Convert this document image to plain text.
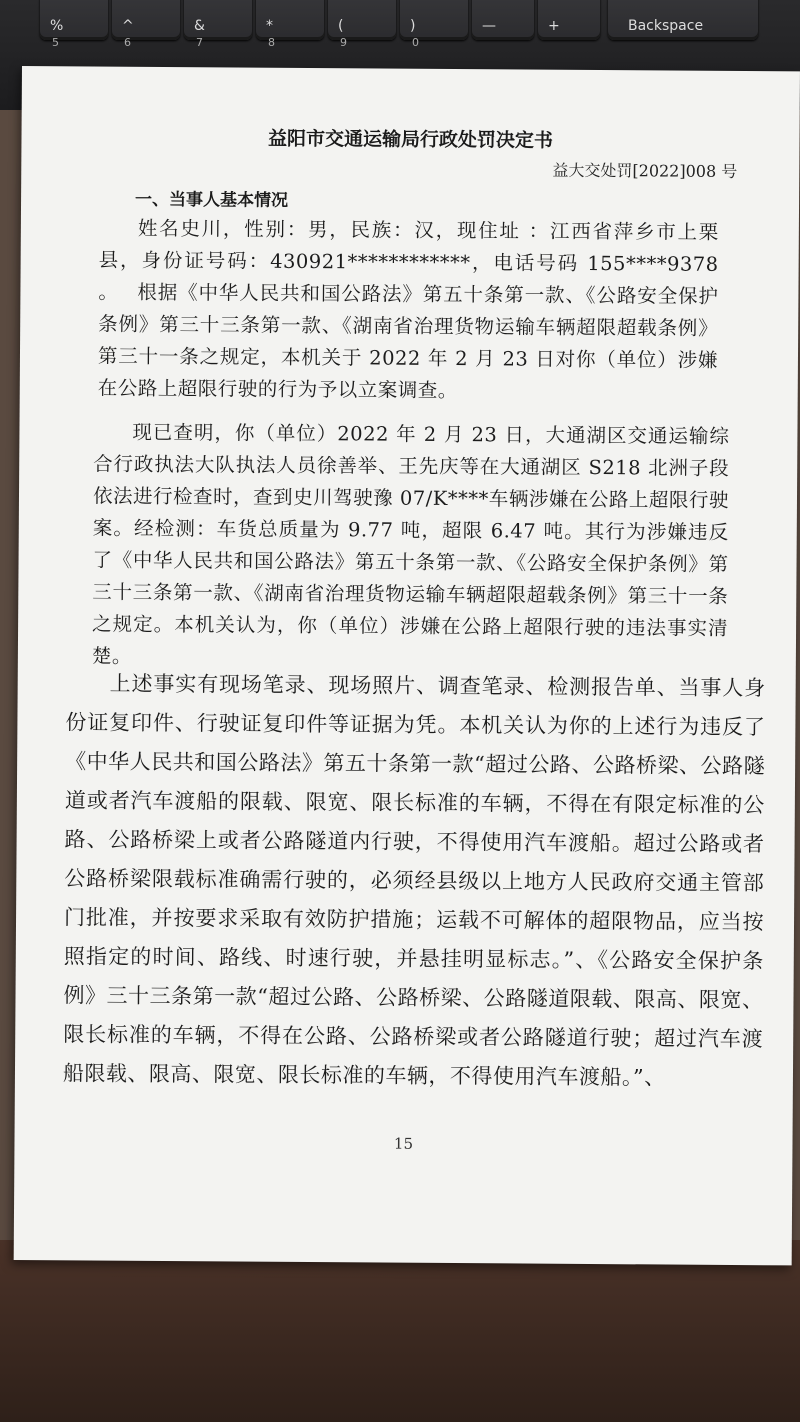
%
5
^
6
&
7
*
8
(
9
)
0
—	+	Backspace
益阳市交通运输局行政处罚决定书
益大交处罚[2022]008 号
一、当事人基本情况
姓名史川，性别：男，民族：汉，现住址 ：江西省萍乡市上栗县，身份证号码：430921************，电话号码 155****9378 。 根据《中华人民共和国公路法》第五十条第一款、《公路安全保护条例》第三十三条第一款、《湖南省治理货物运输车辆超限超载条例》第三十一条之规定，本机关于 2022 年 2 月 23 日对你（单位）涉嫌在公路上超限行驶的行为予以立案调查。
现已查明，你（单位）2022 年 2 月 23 日，大通湖区交通运输综合行政执法大队执法人员徐善举、王先庆等在大通湖区 S218 北洲子段依法进行检查时，查到史川驾驶豫 07/K****车辆涉嫌在公路上超限行驶案。经检测：车货总质量为 9.77 吨，超限 6.47 吨。其行为涉嫌违反了《中华人民共和国公路法》第五十条第一款、《公路安全保护条例》第三十三条第一款、《湖南省治理货物运输车辆超限超载条例》第三十一条之规定。本机关认为，你（单位）涉嫌在公路上超限行驶的违法事实清楚。
上述事实有现场笔录、现场照片、调查笔录、检测报告单、当事人身份证复印件、行驶证复印件等证据为凭。本机关认为你的上述行为违反了《中华人民共和国公路法》第五十条第一款“超过公路、公路桥梁、公路隧道或者汽车渡船的限载、限宽、限长标准的车辆，不得在有限定标准的公路、公路桥梁上或者公路隧道内行驶，不得使用汽车渡船。超过公路或者公路桥梁限载标准确需行驶的，必须经县级以上地方人民政府交通主管部门批准，并按要求采取有效防护措施；运载不可解体的超限物品，应当按照指定的时间、路线、时速行驶，并悬挂明显标志。”、《公路安全保护条例》三十三条第一款“超过公路、公路桥梁、公路隧道限载、限高、限宽、限长标准的车辆，不得在公路、公路桥梁或者公路隧道行驶；超过汽车渡船限载、限高、限宽、限长标准的车辆，不得使用汽车渡船。”、
15
